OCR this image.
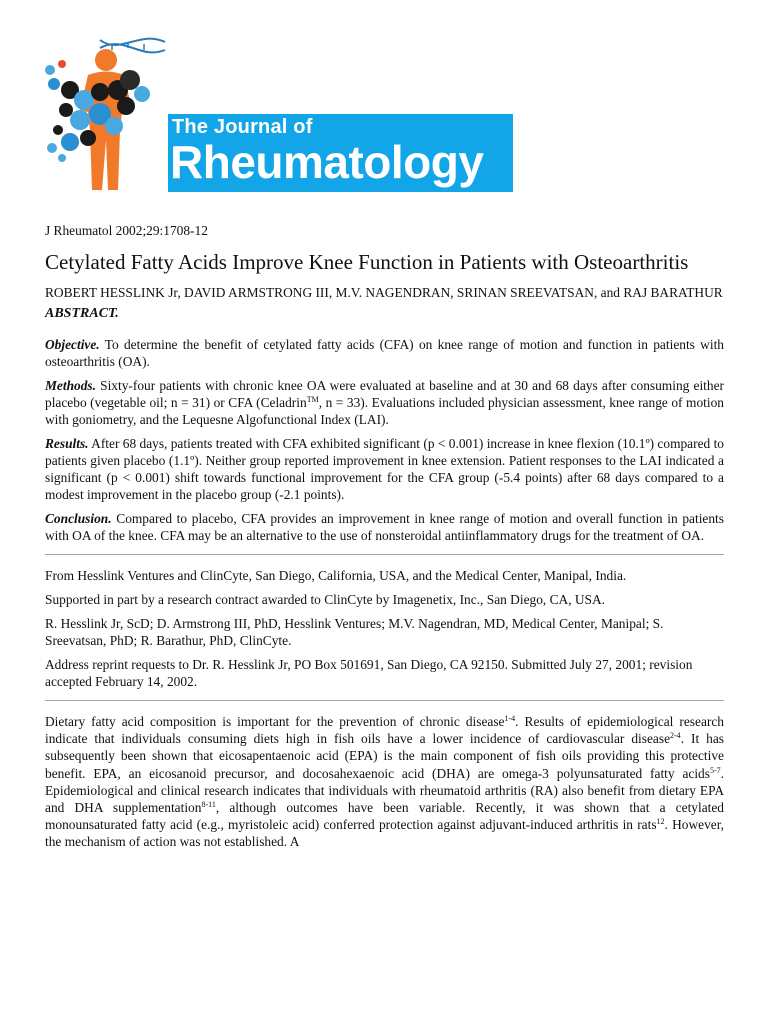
The Journal of
Rheumatology

J Rheumatol 2002;29:1708-12

Cetylated Fatty Acids Improve Knee Function in Patients with Osteoarthritis

ROBERT HESSLINK Jr, DAVID ARMSTRONG III, M.V. NAGENDRAN, SRINAN SREEVATSAN, and RAJ BARATHUR

ABSTRACT.

Objective. To determine the benefit of cetylated fatty acids (CFA) on knee range of motion and function in patients with osteoarthritis (OA).

Methods. Sixty-four patients with chronic knee OA were evaluated at baseline and at 30 and 68 days after consuming either placebo (vegetable oil; n = 31) or CFA (Celadrin™, n = 33). Evaluations included physician assessment, knee range of motion with goniometry, and the Lequesne Algofunctional Index (LAI).

Results. After 68 days, patients treated with CFA exhibited significant (p < 0.001) increase in knee flexion (10.1º) compared to patients given placebo (1.1º). Neither group reported improvement in knee extension. Patient responses to the LAI indicated a significant (p < 0.001) shift towards functional improvement for the CFA group (-5.4 points) after 68 days compared to a modest improvement in the placebo group (-2.1 points).

Conclusion. Compared to placebo, CFA provides an improvement in knee range of motion and overall function in patients with OA of the knee. CFA may be an alternative to the use of nonsteroidal antiinflammatory drugs for the treatment of OA.

From Hesslink Ventures and ClinCyte, San Diego, California, USA, and the Medical Center, Manipal, India.

Supported in part by a research contract awarded to ClinCyte by Imagenetix, Inc., San Diego, CA, USA.

R. Hesslink Jr, ScD; D. Armstrong III, PhD, Hesslink Ventures; M.V. Nagendran, MD, Medical Center, Manipal; S. Sreevatsan, PhD; R. Barathur, PhD, ClinCyte.

Address reprint requests to Dr. R. Hesslink Jr, PO Box 501691, San Diego, CA 92150. Submitted July 27, 2001; revision accepted February 14, 2002.

Dietary fatty acid composition is important for the prevention of chronic disease$^{1-4}$. Results of epidemiological research indicate that individuals consuming diets high in fish oils have a lower incidence of cardiovascular disease$^{2-4}$. It has subsequently been shown that eicosapentaenoic acid (EPA) is the main component of fish oils providing this protective benefit. EPA, an eicosanoid precursor, and docosahexaenoic acid (DHA) are omega-3 polyunsaturated fatty acids$^{5-7}$. Epidemiological and clinical research indicates that individuals with rheumatoid arthritis (RA) also benefit from dietary EPA and DHA supplementation$^{8-11}$, although outcomes have been variable. Recently, it was shown that a cetylated monounsaturated fatty acid (e.g., myristoleic acid) conferred protection against adjuvant-induced arthritis in rats$^{12}$. However, the mechanism of action was not established. A
